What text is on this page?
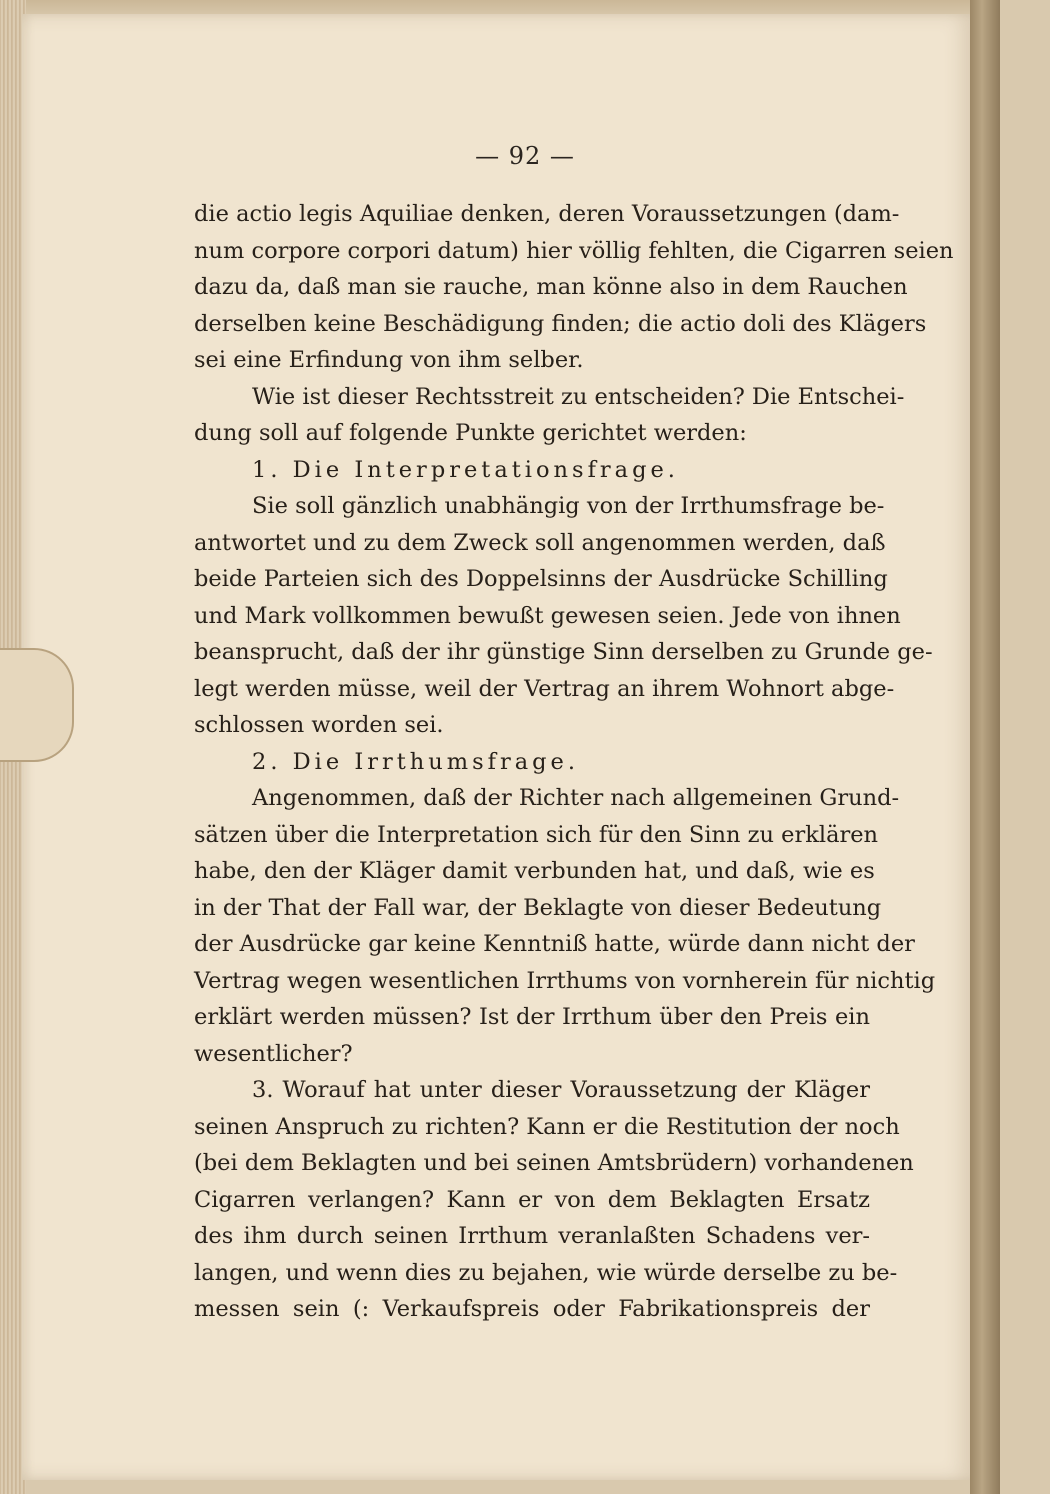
— 92 —
die actio legis Aquiliae denken, deren Voraussetzungen (dam-
num corpore corpori datum) hier völlig fehlten, die Cigarren seien
dazu da, daß man sie rauche, man könne also in dem Rauchen
derselben keine Beschädigung finden; die actio doli des Klägers
sei eine Erfindung von ihm selber.
Wie ist dieser Rechtsstreit zu entscheiden? Die Entschei-
dung soll auf folgende Punkte gerichtet werden:
1. Die Interpretationsfrage.
Sie soll gänzlich unabhängig von der Irrthumsfrage be-
antwortet und zu dem Zweck soll angenommen werden, daß
beide Parteien sich des Doppelsinns der Ausdrücke Schilling
und Mark vollkommen bewußt gewesen seien. Jede von ihnen
beansprucht, daß der ihr günstige Sinn derselben zu Grunde ge-
legt werden müsse, weil der Vertrag an ihrem Wohnort abge-
schlossen worden sei.
2. Die Irrthumsfrage.
Angenommen, daß der Richter nach allgemeinen Grund-
sätzen über die Interpretation sich für den Sinn zu erklären
habe, den der Kläger damit verbunden hat, und daß, wie es
in der That der Fall war, der Beklagte von dieser Bedeutung
der Ausdrücke gar keine Kenntniß hatte, würde dann nicht der
Vertrag wegen wesentlichen Irrthums von vornherein für nichtig
erklärt werden müssen? Ist der Irrthum über den Preis ein
wesentlicher?
3. Worauf hat unter dieser Voraussetzung der Kläger
seinen Anspruch zu richten? Kann er die Restitution der noch
(bei dem Beklagten und bei seinen Amtsbrüdern) vorhandenen
Cigarren verlangen? Kann er von dem Beklagten Ersatz
des ihm durch seinen Irrthum veranlaßten Schadens ver-
langen, und wenn dies zu bejahen, wie würde derselbe zu be-
messen sein (: Verkaufspreis oder Fabrikationspreis der
